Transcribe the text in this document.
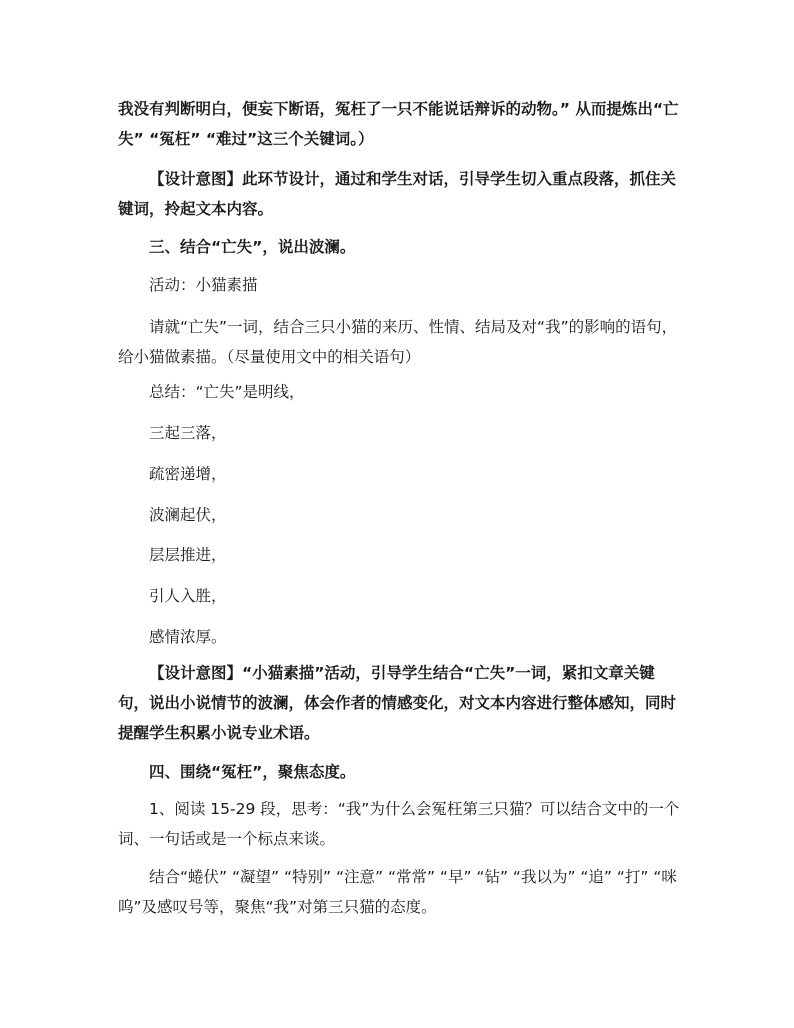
我没有判断明白，便妄下断语，冤枉了一只不能说话辩诉的动物。” 从而提炼出“亡失” “冤枉” “难过”这三个关键词。）

【设计意图】此环节设计，通过和学生对话，引导学生切入重点段落，抓住关键词，拎起文本内容。

三、结合“亡失”，说出波澜。

活动：小猫素描

请就“亡失”一词，结合三只小猫的来历、性情、结局及对“我”的影响的语句，给小猫做素描。（尽量使用文中的相关语句）

总结：“亡失”是明线，

三起三落，

疏密递增，

波澜起伏，

层层推进，

引人入胜，

感情浓厚。

【设计意图】“小猫素描”活动，引导学生结合“亡失”一词，紧扣文章关键句，说出小说情节的波澜，体会作者的情感变化，对文本内容进行整体感知，同时提醒学生积累小说专业术语。

四、围绕“冤枉”，聚焦态度。

1、阅读 15-29 段，思考：“我”为什么会冤枉第三只猫？可以结合文中的一个词、一句话或是一个标点来谈。

结合“蜷伏” “凝望” “特别” “注意” “常常” “早” “钻” “我以为” “追” “打” “咪呜”及感叹号等，聚焦“我”对第三只猫的态度。
